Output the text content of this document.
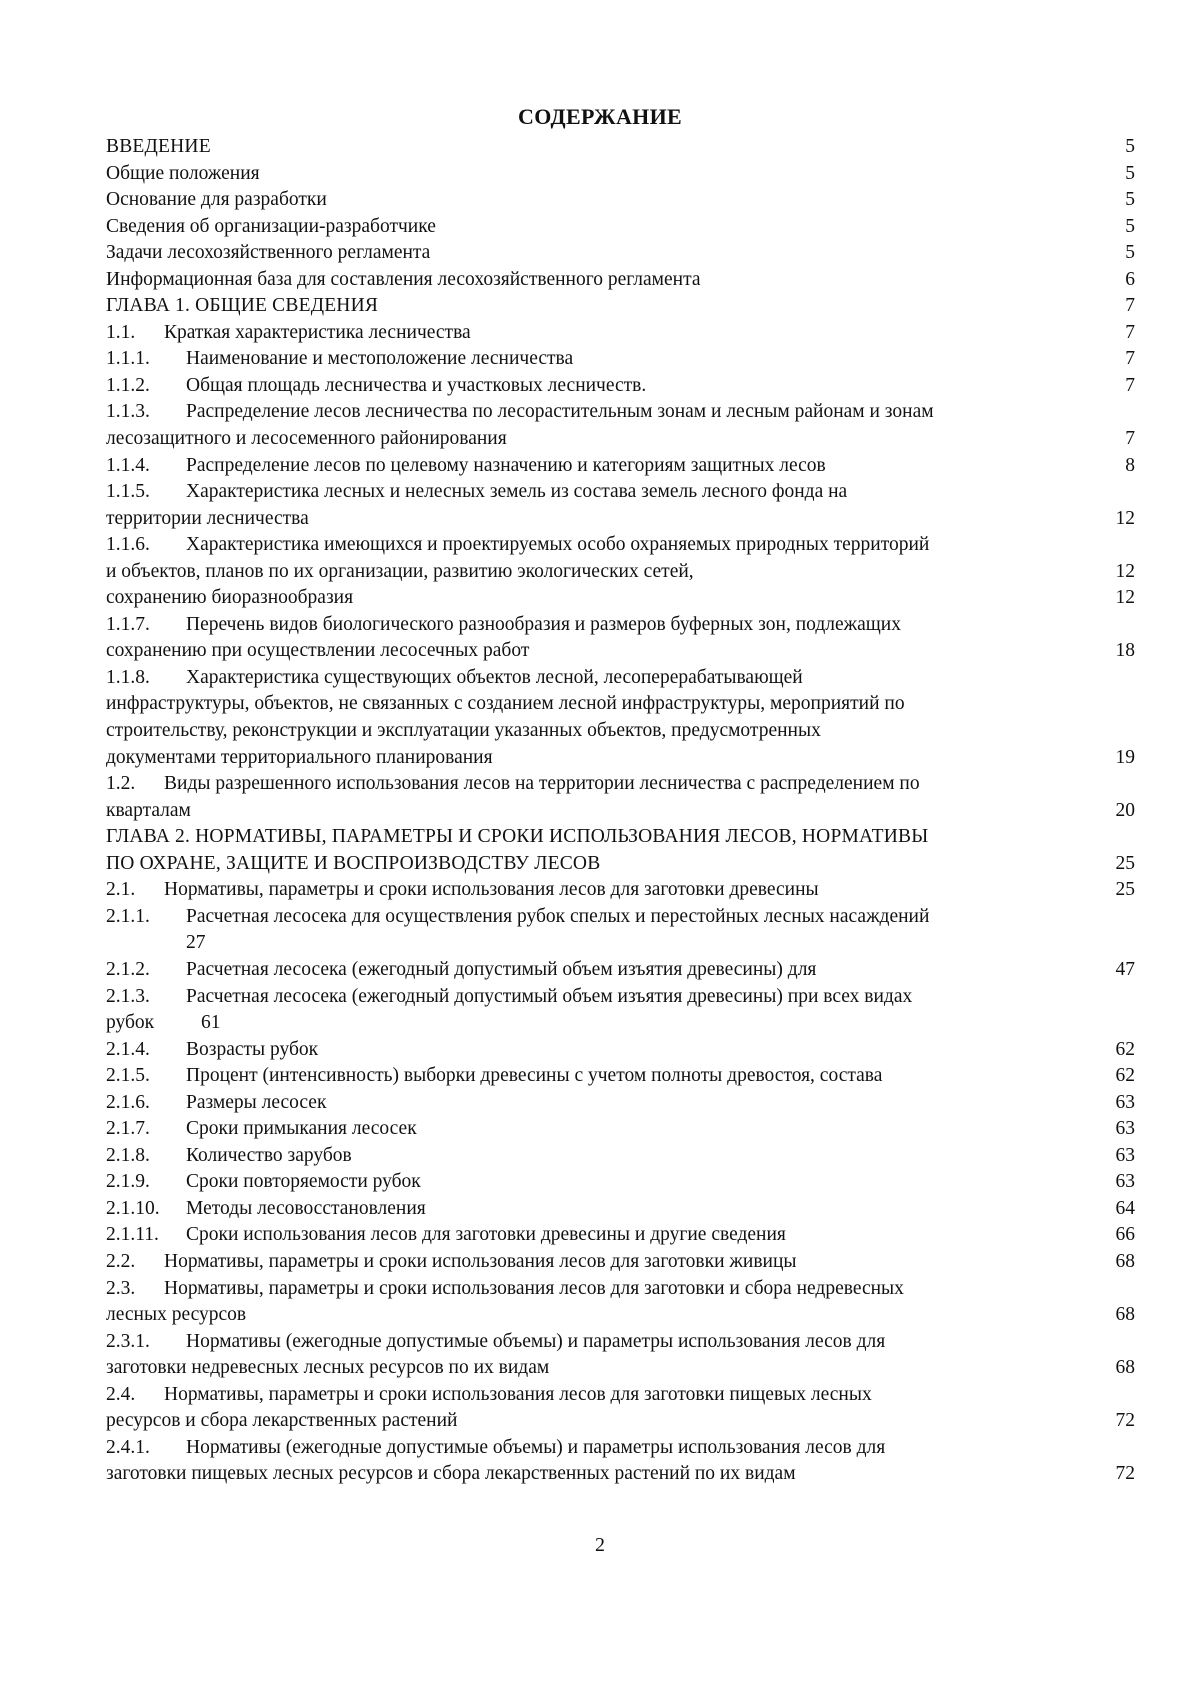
СОДЕРЖАНИЕ
ВВЕДЕНИЕ .....	5
Общие положения .....	5
Основание для разработки .....	5
Сведения об организации-разработчике .....	5
Задачи лесохозяйственного регламента .....	5
Информационная база для составления лесохозяйственного регламента .....	6
ГЛАВА 1. ОБЩИЕ СВЕДЕНИЯ .....	7
1.1. Краткая характеристика лесничества .....	7
1.1.1. Наименование и местоположение лесничества .....	7
1.1.2. Общая площадь лесничества и участковых лесничеств. .....	7
1.1.3. Распределение лесов лесничества по лесорастительным зонам и лесным районам и зонам
лесозащитного и лесосеменного районирования .....	7
1.1.4. Распределение лесов по целевому назначению и категориям защитных лесов .....	8
1.1.5. Характеристика лесных и нелесных земель из состава земель лесного фонда на
территории лесничества .....	12
1.1.6. Характеристика имеющихся и проектируемых особо охраняемых природных территорий
и объектов, планов по их организации, развитию экологических сетей, .....	12
сохранению биоразнообразия .....	12
1.1.7. Перечень видов биологического разнообразия и размеров буферных зон, подлежащих
сохранению при осуществлении лесосечных работ .....	18
1.1.8. Характеристика существующих объектов лесной, лесоперерабатывающей
инфраструктуры, объектов, не связанных с созданием лесной инфраструктуры, мероприятий по
строительству, реконструкции и эксплуатации указанных объектов, предусмотренных
документами территориального планирования .....	19
1.2. Виды разрешенного использования лесов на территории лесничества с распределением по
кварталам .....	20
ГЛАВА 2. НОРМАТИВЫ, ПАРАМЕТРЫ И СРОКИ ИСПОЛЬЗОВАНИЯ ЛЕСОВ, НОРМАТИВЫ
ПО ОХРАНЕ, ЗАЩИТЕ И ВОСПРОИЗВОДСТВУ ЛЕСОВ .....	25
2.1. Нормативы, параметры и сроки использования лесов для заготовки древесины .....	25
2.1.1. Расчетная лесосека для осуществления рубок спелых и перестойных лесных насаждений
27
2.1.2. Расчетная лесосека (ежегодный допустимый объем изъятия древесины) для .....	47
2.1.3. Расчетная лесосека (ежегодный допустимый объем изъятия древесины) при всех видах
рубок 61
2.1.4. Возрасты рубок .....	62
2.1.5. Процент (интенсивность) выборки древесины с учетом полноты древостоя, состава .....	62
2.1.6. Размеры лесосек .....	63
2.1.7. Сроки примыкания лесосек .....	63
2.1.8. Количество зарубов .....	63
2.1.9. Сроки повторяемости рубок .....	63
2.1.10. Методы лесовосстановления .....	64
2.1.11. Сроки использования лесов для заготовки древесины и другие сведения .....	66
2.2. Нормативы, параметры и сроки использования лесов для заготовки живицы .....	68
2.3. Нормативы, параметры и сроки использования лесов для заготовки и сбора недревесных
лесных ресурсов .....	68
2.3.1. Нормативы (ежегодные допустимые объемы) и параметры использования лесов для
заготовки недревесных лесных ресурсов по их видам .....	68
2.4. Нормативы, параметры и сроки использования лесов для заготовки пищевых лесных
ресурсов и сбора лекарственных растений .....	72
2.4.1. Нормативы (ежегодные допустимые объемы) и параметры использования лесов для
заготовки пищевых лесных ресурсов и сбора лекарственных растений по их видам .....	72
2
